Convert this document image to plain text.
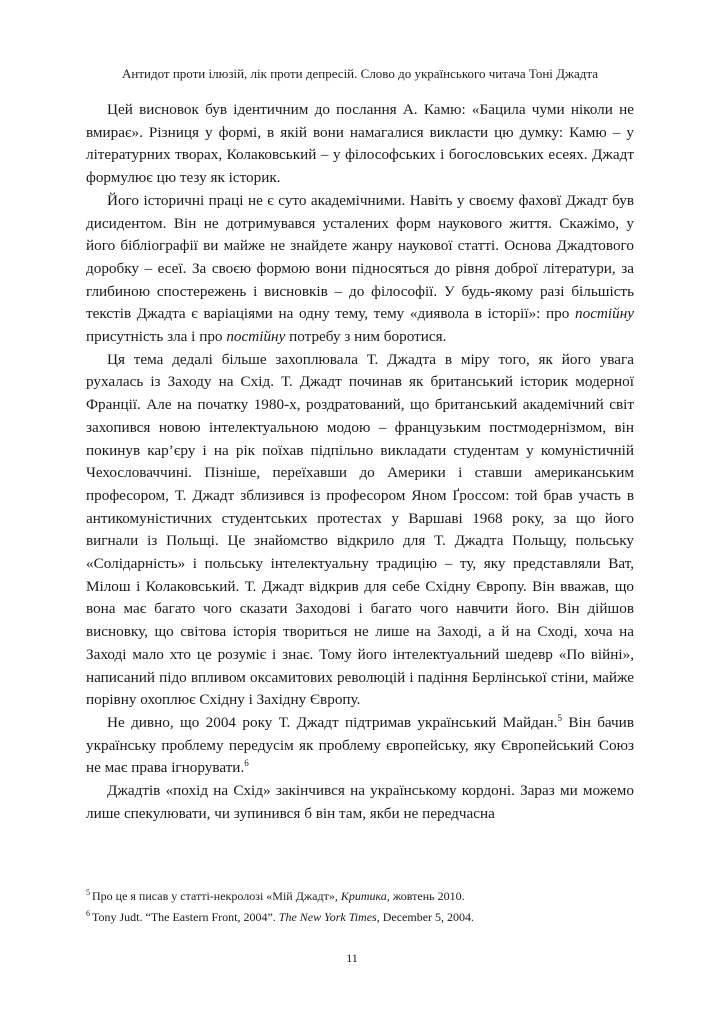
Антидот проти ілюзій, лік проти депресій. Слово до українського читача Тоні Джадта

Цей висновок був ідентичним до послання А. Камю: «Бацила чуми ніколи не вмирає». Різниця у формі, в якій вони намагалися викласти цю думку: Камю – у літературних творах, Колаковський – у філософських і богословських есеях. Джадт формулює цю тезу як історик.

Його історичні праці не є суто академічними. Навіть у своєму фаховї Джадт був дисидентом. Він не дотримувався усталених форм наукового життя. Скажімо, у його бібліографії ви майже не знайдете жанру наукової статті. Основа Джадтового доробку – есеї. За своєю формою вони підносяться до рівня доброї літератури, за глибиною спостережень і висновків – до філософії. У будь-якому разі більшість текстів Джадта є варіаціями на одну тему, тему «диявола в історії»: про постійну присутність зла і про постійну потребу з ним боротися.

Ця тема дедалі більше захоплювала Т. Джадта в міру того, як його увага рухалась із Заходу на Схід. Т. Джадт починав як британський історик модерної Франції. Але на початку 1980-х, роздратований, що британський академічний світ захопився новою інтелектуальною модою – французьким постмодернізмом, він покинув кар’єру і на рік поїхав підпільно викладати студентам у комуністичній Чехословаччині. Пізніше, переїхавши до Америки і ставши американським професором, Т. Джадт зблизився із професором Яном Ґроссом: той брав участь в антикомуністичних студентських протестах у Варшаві 1968 року, за що його вигнали із Польщі. Це знайомство відкрило для Т. Джадта Польщу, польську «Солідарність» і польську інтелектуальну традицію – ту, яку представляли Ват, Мілош і Колаковський. Т. Джадт відкрив для себе Східну Європу. Він вважав, що вона має багато чого сказати Заходові і багато чого навчити його. Він дійшов висновку, що світова історія твориться не лише на Заході, а й на Сході, хоча на Заході мало хто це розуміє і знає. Тому його інтелектуальний шедевр «По війні», написаний підо впливом оксамитових революцій і падіння Берлінської стіни, майже порівну охоплює Східну і Західну Європу.

Не дивно, що 2004 року Т. Джадт підтримав український Майдан.$^5$ Він бачив українську проблему передусім як проблему європейську, яку Європейський Союз не має права ігнорувати.$^6$

Джадтів «похід на Схід» закінчився на українському кордоні. Зараз ми можемо лише спекулювати, чи зупинився б він там, якби не передчасна

$^5$ Про це я писав у статті-некролозі «Мій Джадт», Критика, жовтень 2010.
$^6$ Tony Judt. “The Eastern Front, 2004”. The New York Times, December 5, 2004.
11
